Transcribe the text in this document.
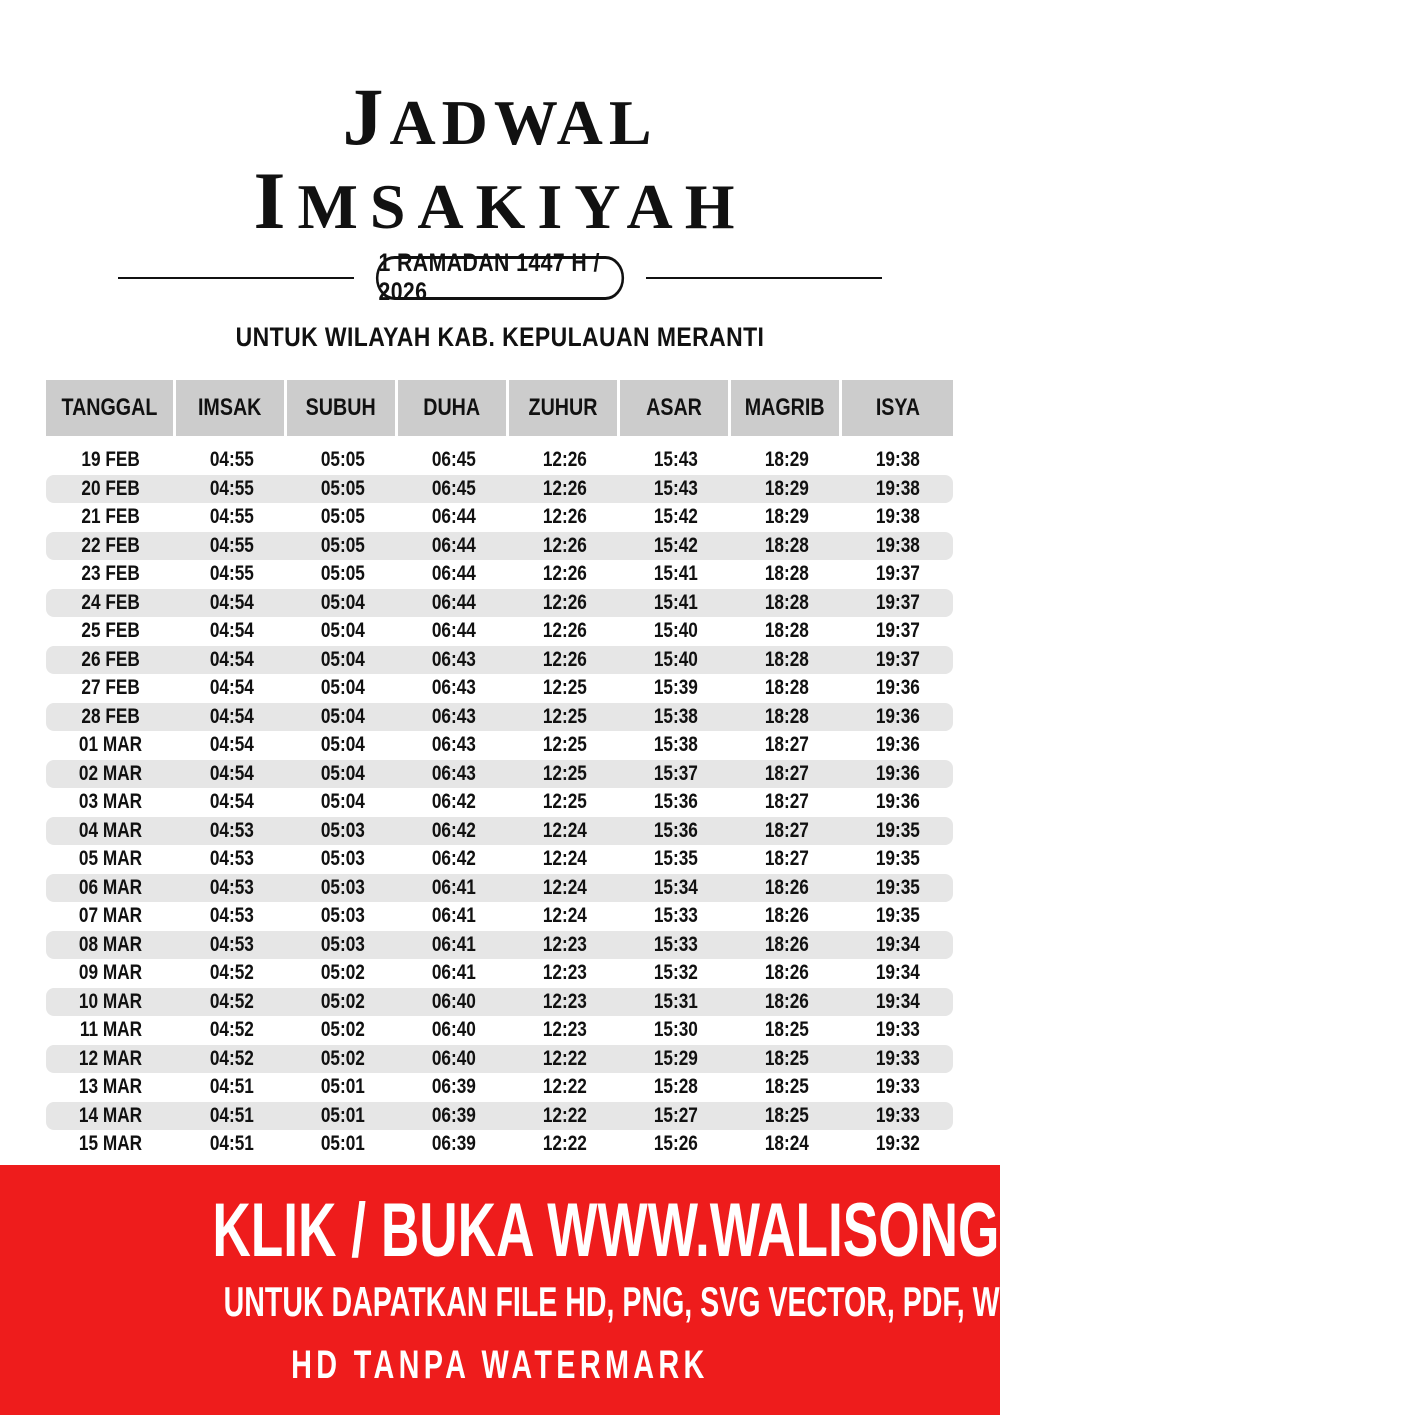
JADWAL
IMSAKIYAH
1 RAMADAN 1447 H / 2026
UNTUK WILAYAH KAB. KEPULAUAN MERANTI
TANGGAL IMSAK SUBUH DUHA ZUHUR ASAR MAGRIB ISYA
19 FEB	04:55	05:05	06:45	12:26	15:43	18:29	19:38
20 FEB	04:55	05:05	06:45	12:26	15:43	18:29	19:38
21 FEB	04:55	05:05	06:44	12:26	15:42	18:29	19:38
22 FEB	04:55	05:05	06:44	12:26	15:42	18:28	19:38
23 FEB	04:55	05:05	06:44	12:26	15:41	18:28	19:37
24 FEB	04:54	05:04	06:44	12:26	15:41	18:28	19:37
25 FEB	04:54	05:04	06:44	12:26	15:40	18:28	19:37
26 FEB	04:54	05:04	06:43	12:26	15:40	18:28	19:37
27 FEB	04:54	05:04	06:43	12:25	15:39	18:28	19:36
28 FEB	04:54	05:04	06:43	12:25	15:38	18:28	19:36
01 MAR	04:54	05:04	06:43	12:25	15:38	18:27	19:36
02 MAR	04:54	05:04	06:43	12:25	15:37	18:27	19:36
03 MAR	04:54	05:04	06:42	12:25	15:36	18:27	19:36
04 MAR	04:53	05:03	06:42	12:24	15:36	18:27	19:35
05 MAR	04:53	05:03	06:42	12:24	15:35	18:27	19:35
06 MAR	04:53	05:03	06:41	12:24	15:34	18:26	19:35
07 MAR	04:53	05:03	06:41	12:24	15:33	18:26	19:35
08 MAR	04:53	05:03	06:41	12:23	15:33	18:26	19:34
09 MAR	04:52	05:02	06:41	12:23	15:32	18:26	19:34
10 MAR	04:52	05:02	06:40	12:23	15:31	18:26	19:34
11 MAR	04:52	05:02	06:40	12:23	15:30	18:25	19:33
12 MAR	04:52	05:02	06:40	12:22	15:29	18:25	19:33
13 MAR	04:51	05:01	06:39	12:22	15:28	18:25	19:33
14 MAR	04:51	05:01	06:39	12:22	15:27	18:25	19:33
15 MAR	04:51	05:01	06:39	12:22	15:26	18:24	19:32
KLIK / BUKA WWW.WALISONGO.CO.ID
UNTUK DAPATKAN FILE HD, PNG, SVG VECTOR, PDF, WORD, EXCEL
HD TANPA WATERMARK
